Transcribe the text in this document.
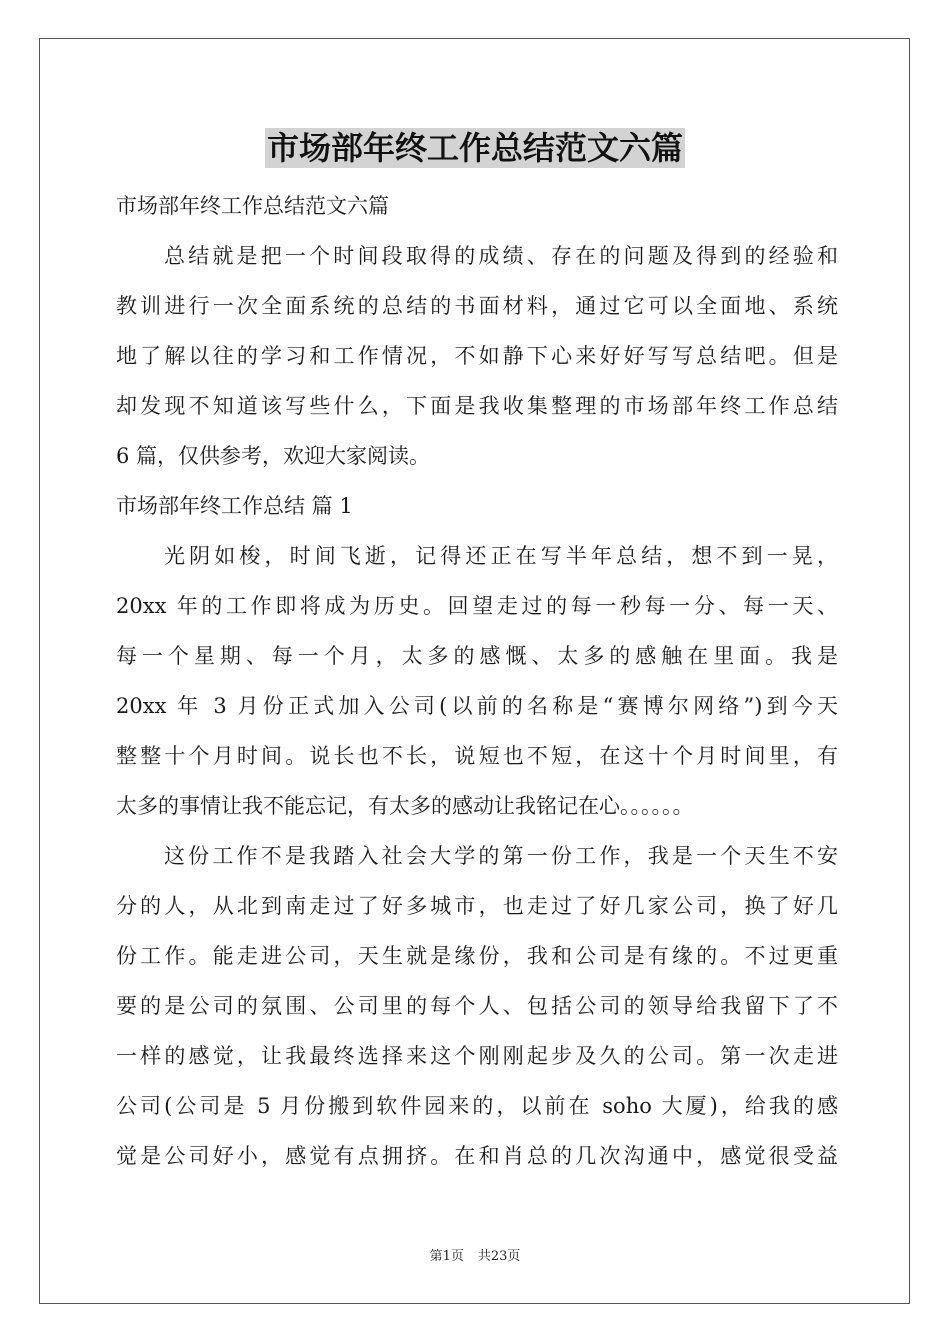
市场部年终工作总结范文六篇
市场部年终工作总结范文六篇
总结就是把一个时间段取得的成绩、存在的问题及得到的经验和
教训进行一次全面系统的总结的书面材料，通过它可以全面地、系统
地了解以往的学习和工作情况，不如静下心来好好写写总结吧。但是
却发现不知道该写些什么，下面是我收集整理的市场部年终工作总结
6 篇，仅供参考，欢迎大家阅读。
市场部年终工作总结 篇 1
光阴如梭，时间飞逝，记得还正在写半年总结，想不到一晃，
20xx 年的工作即将成为历史。回望走过的每一秒每一分、每一天、
每一个星期、每一个月，太多的感慨、太多的感触在里面。我是
20xx 年 3 月份正式加入公司(以前的名称是“赛博尔网络”)到今天
整整十个月时间。说长也不长，说短也不短，在这十个月时间里，有
太多的事情让我不能忘记，有太多的感动让我铭记在心。。。。。。
这份工作不是我踏入社会大学的第一份工作，我是一个天生不安
分的人，从北到南走过了好多城市，也走过了好几家公司，换了好几
份工作。能走进公司，天生就是缘份，我和公司是有缘的。不过更重
要的是公司的氛围、公司里的每个人、包括公司的领导给我留下了不
一样的感觉，让我最终选择来这个刚刚起步及久的公司。第一次走进
公司(公司是 5 月份搬到软件园来的，以前在 soho 大厦)，给我的感
觉是公司好小，感觉有点拥挤。在和肖总的几次沟通中，感觉很受益
第1页 共23页
